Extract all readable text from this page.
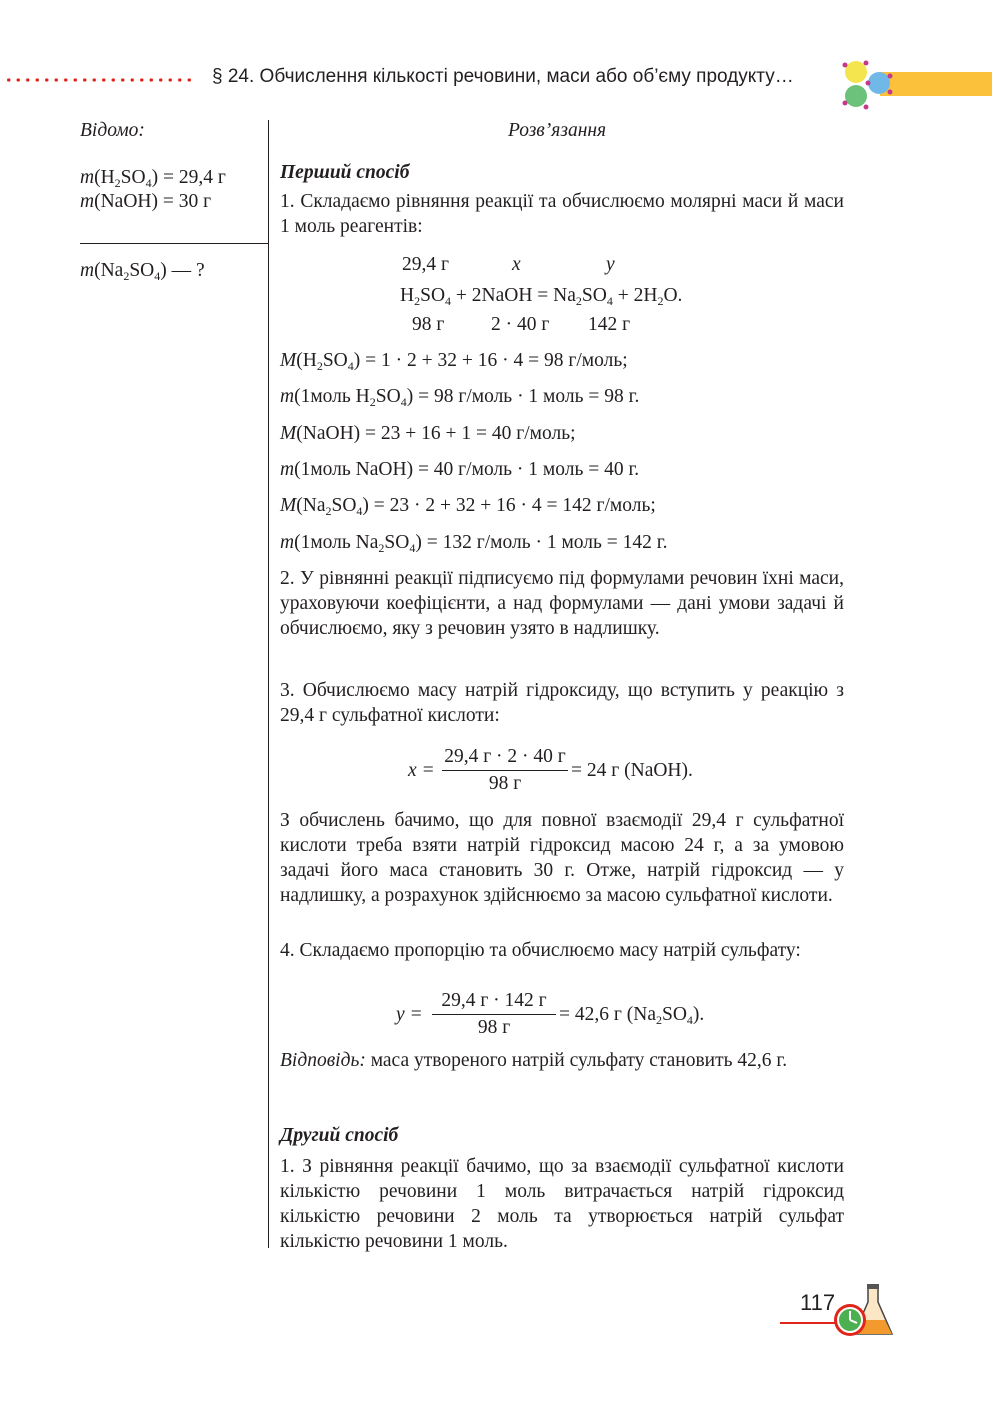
§ 24. Обчислення кількості речовини, маси або об’єму продукту…
Відомо:
$m(H_2SO_4) = 29,4$ г
m(NaOH) = 30 г
$m(Na_2SO_4)$ — ?
Розв’язання
Перший спосіб

1. Складаємо рівняння реакції та обчислюємо молярні маси й маси 1 моль реагентів:

29,4 г	x	y
$H_2SO_4$ + 2NaOH = $Na_2SO_4 + 2H_2O$.
98 г 2 · 40 г 142 г
$M(H_2SO_4) = 1 \cdot 2 + 32 + 16 \cdot 4 = 98$ г/моль;
m(1моль $H_2SO_4) = 98$ г/моль · 1 моль = 98 г.
M(NaOH) = 23 + 16 + 1 = 40 г/моль;
m(1моль NaOH) = 40 г/моль · 1 моль = 40 г.
$M(Na_2SO_4) = 23 \cdot 2 + 32 + 16 \cdot 4 = 142$ г/моль;
m(1моль $Na_2SO_4) = 132$ г/моль · 1 моль = 142 г.

2. У рівнянні реакції підписуємо під формулами речовин їхні маси, ураховуючи коефіцієнти, а над формулами — дані умови задачі й обчислюємо, яку з речовин узято в надлишку.

3. Обчислюємо масу натрій гідроксиду, що вступить у реакцію з 29,4 г сульфатної кислоти:

x =
29,4 г · 2 · 40 г
98 г
= 24 г (NaOH).

З обчислень бачимо, що для повної взаємодії 29,4 г сульфатної кислоти треба взяти натрій гідроксид масою 24 г, а за умовою задачі його маса становить 30 г. Отже, натрій гідроксид — у надлишку, а розрахунок здійснюємо за масою сульфатної кислоти.

4. Складаємо пропорцію та обчислюємо масу натрій сульфату:

y =
29,4 г · 142 г
98 г
= 42,6 г $(Na_2SO_4)$.

Відповідь: маса утвореного натрій сульфату становить 42,6 г.

Другий спосіб

1. З рівняння реакції бачимо, що за взаємодії сульфатної кислоти кількістю речовини 1 моль витрачається натрій гідроксид кількістю речовини 2 моль та утворюється натрій сульфат кількістю речовини 1 моль.

117
